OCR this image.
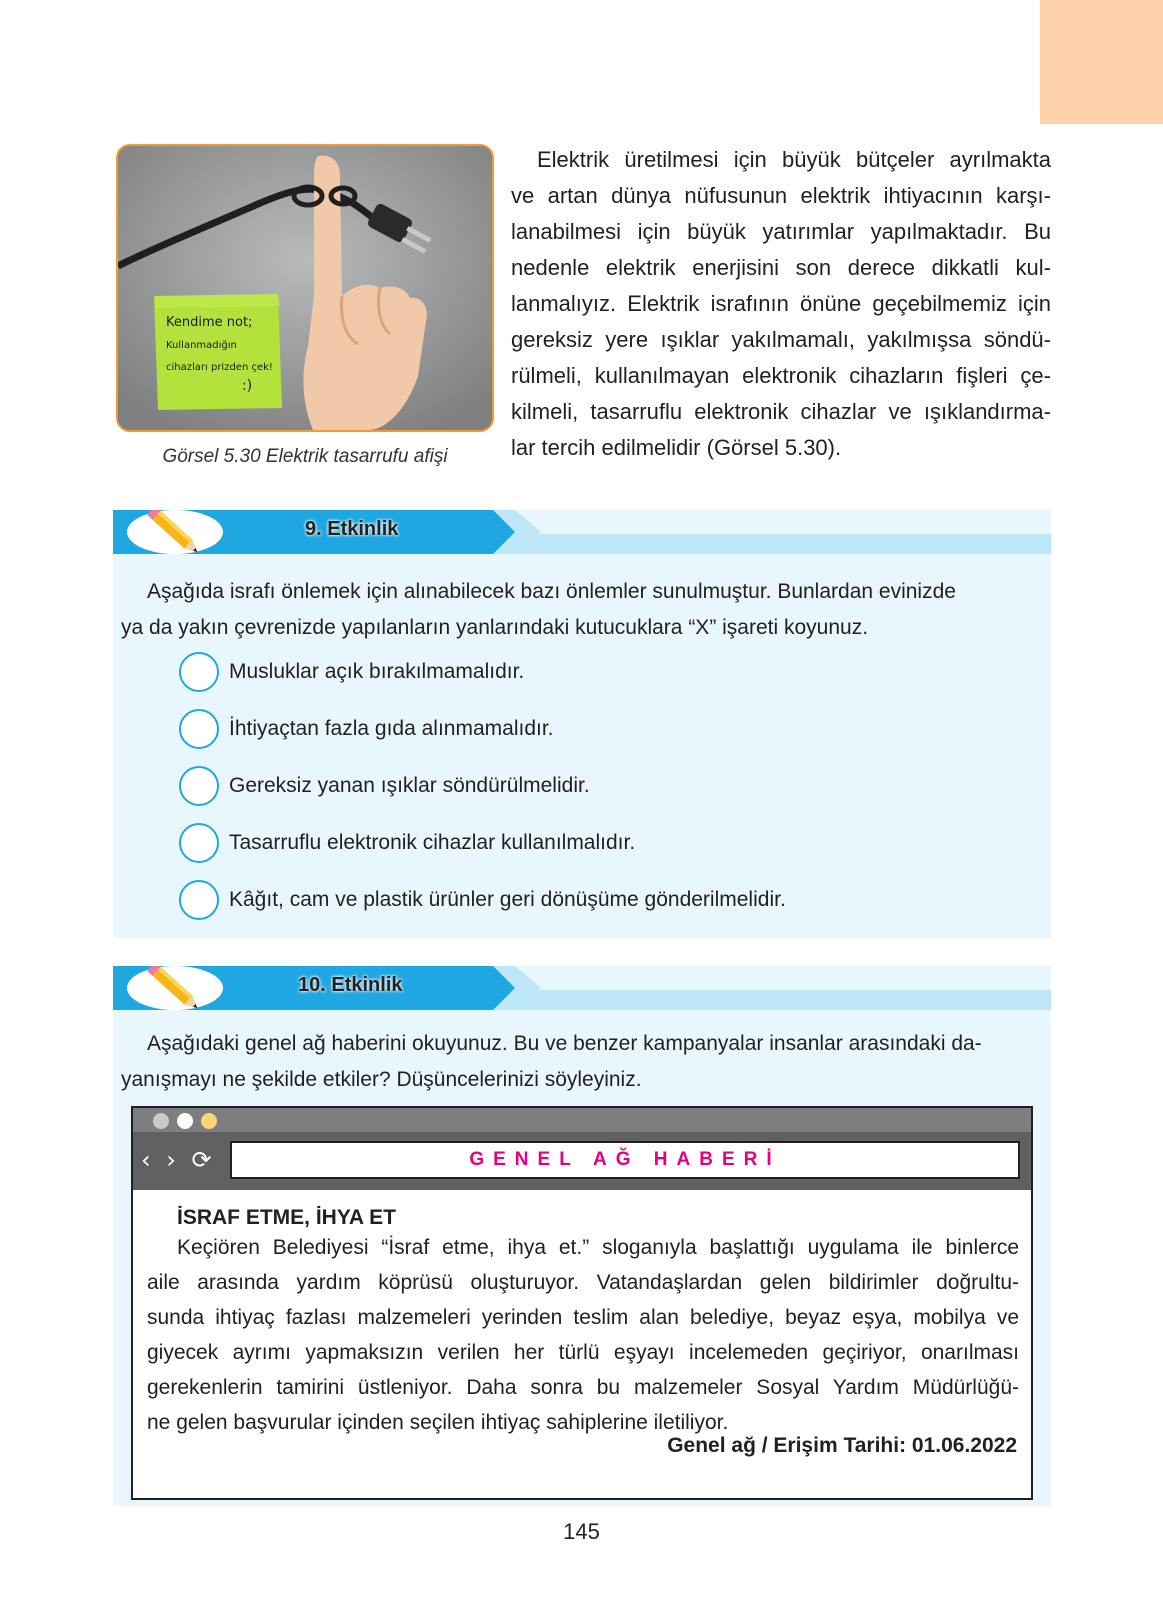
Kendime not;
Kullanmadığın
cihazları prizden çek!
:)
Görsel 5.30 Elektrik tasarrufu afişi
Elektrik üretilmesi için büyük bütçeler ayrılmakta
ve artan dünya nüfusunun elektrik ihtiyacının karşı-
lanabilmesi için büyük yatırımlar yapılmaktadır. Bu
nedenle elektrik enerjisini son derece dikkatli kul-
lanmalıyız. Elektrik israfının önüne geçebilmemiz için
gereksiz yere ışıklar yakılmamalı, yakılmışsa söndü-
rülmeli, kullanılmayan elektronik cihazların fişleri çe-
kilmeli, tasarruflu elektronik cihazlar ve ışıklandırma-
lar tercih edilmelidir (Görsel 5.30).
9. Etkinlik
Aşağıda israfı önlemek için alınabilecek bazı önlemler sunulmuştur. Bunlardan evinizde
ya da yakın çevrenizde yapılanların yanlarındaki kutucuklara “X” işareti koyunuz.
Musluklar açık bırakılmamalıdır.
İhtiyaçtan fazla gıda alınmamalıdır.
Gereksiz yanan ışıklar söndürülmelidir.
Tasarruflu elektronik cihazlar kullanılmalıdır.
Kâğıt, cam ve plastik ürünler geri dönüşüme gönderilmelidir.
10. Etkinlik
Aşağıdaki genel ağ haberini okuyunuz. Bu ve benzer kampanyalar insanlar arasındaki da-
yanışmayı ne şekilde etkiler? Düşüncelerinizi söyleyiniz.
‹ › ⟳	GENEL AĞ HABERİ
İSRAF ETME, İHYA ET
Keçiören Belediyesi “İsraf etme, ihya et.” sloganıyla başlattığı uygulama ile binlerce
aile arasında yardım köprüsü oluşturuyor. Vatandaşlardan gelen bildirimler doğrultu-
sunda ihtiyaç fazlası malzemeleri yerinden teslim alan belediye, beyaz eşya, mobilya ve
giyecek ayrımı yapmaksızın verilen her türlü eşyayı incelemeden geçiriyor, onarılması
gerekenlerin tamirini üstleniyor. Daha sonra bu malzemeler Sosyal Yardım Müdürlüğü-
ne gelen başvurular içinden seçilen ihtiyaç sahiplerine iletiliyor.
Genel ağ / Erişim Tarihi: 01.06.2022
145
